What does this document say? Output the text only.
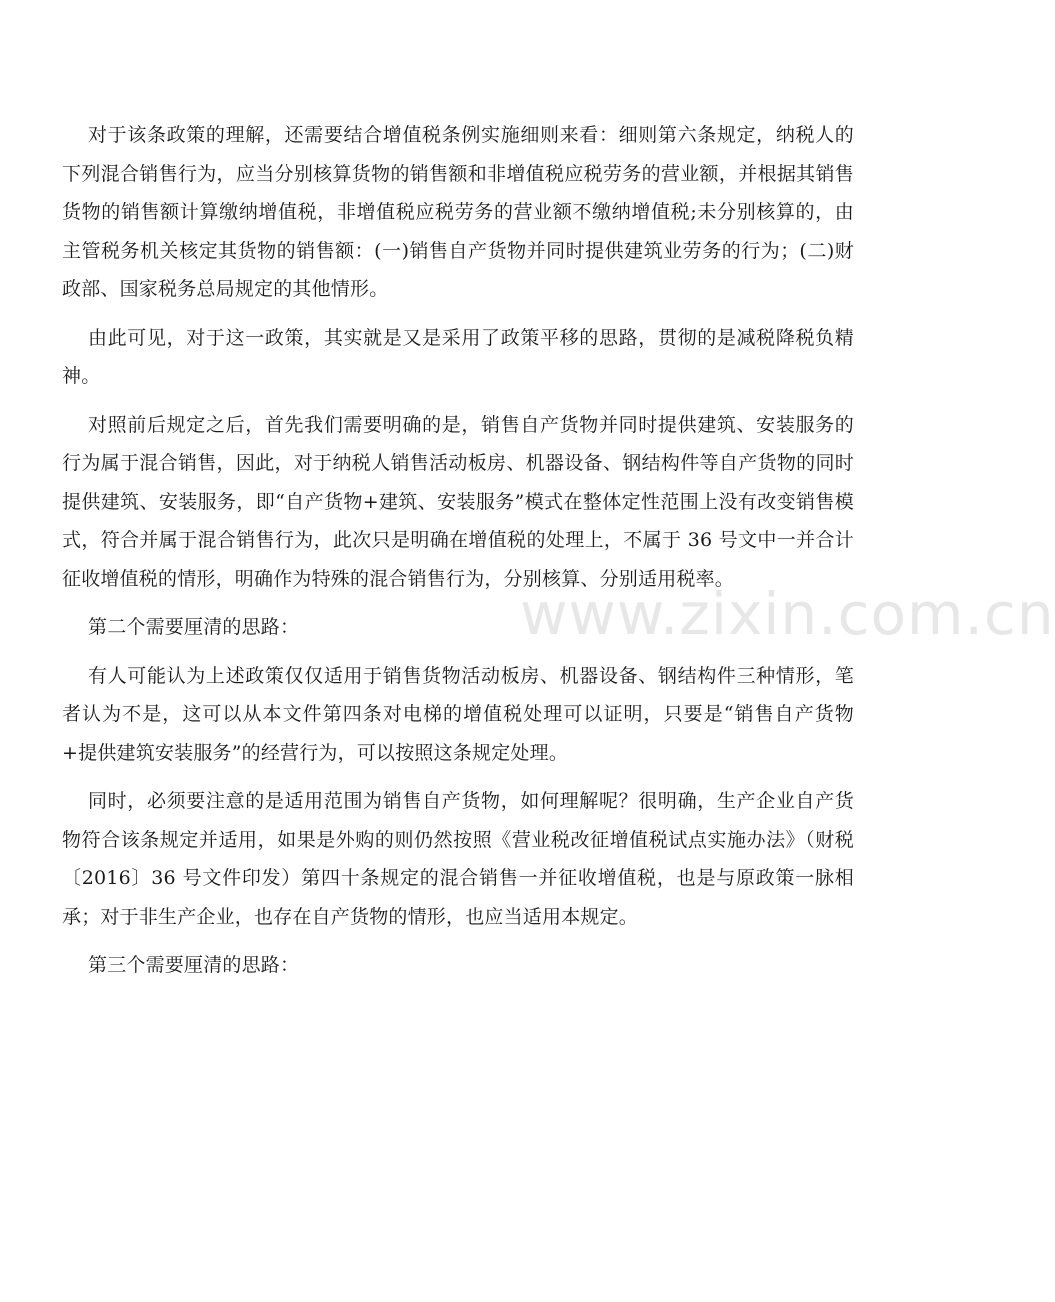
对于该条政策的理解，还需要结合增值税条例实施细则来看：细则第六条规定，纳税人的下列混合销售行为，应当分别核算货物的销售额和非增值税应税劳务的营业额，并根据其销售货物的销售额计算缴纳增值税，非增值税应税劳务的营业额不缴纳增值税;未分别核算的，由主管税务机关核定其货物的销售额：(一)销售自产货物并同时提供建筑业劳务的行为；(二)财政部、国家税务总局规定的其他情形。

由此可见，对于这一政策，其实就是又是采用了政策平移的思路，贯彻的是减税降税负精神。

对照前后规定之后，首先我们需要明确的是，销售自产货物并同时提供建筑、安装服务的行为属于混合销售，因此，对于纳税人销售活动板房、机器设备、钢结构件等自产货物的同时提供建筑、安装服务，即“自产货物+建筑、安装服务”模式在整体定性范围上没有改变销售模式，符合并属于混合销售行为，此次只是明确在增值税的处理上，不属于 36 号文中一并合计征收增值税的情形，明确作为特殊的混合销售行为，分别核算、分别适用税率。

第二个需要厘清的思路：

有人可能认为上述政策仅仅适用于销售货物活动板房、机器设备、钢结构件三种情形，笔者认为不是，这可以从本文件第四条对电梯的增值税处理可以证明，只要是“销售自产货物+提供建筑安装服务”的经营行为，可以按照这条规定处理。

同时，必须要注意的是适用范围为销售自产货物，如何理解呢？很明确，生产企业自产货物符合该条规定并适用，如果是外购的则仍然按照《营业税改征增值税试点实施办法》（财税〔2016〕36 号文件印发）第四十条规定的混合销售一并征收增值税，也是与原政策一脉相承；对于非生产企业，也存在自产货物的情形，也应当适用本规定。

第三个需要厘清的思路：

www.zixin.com.cn
